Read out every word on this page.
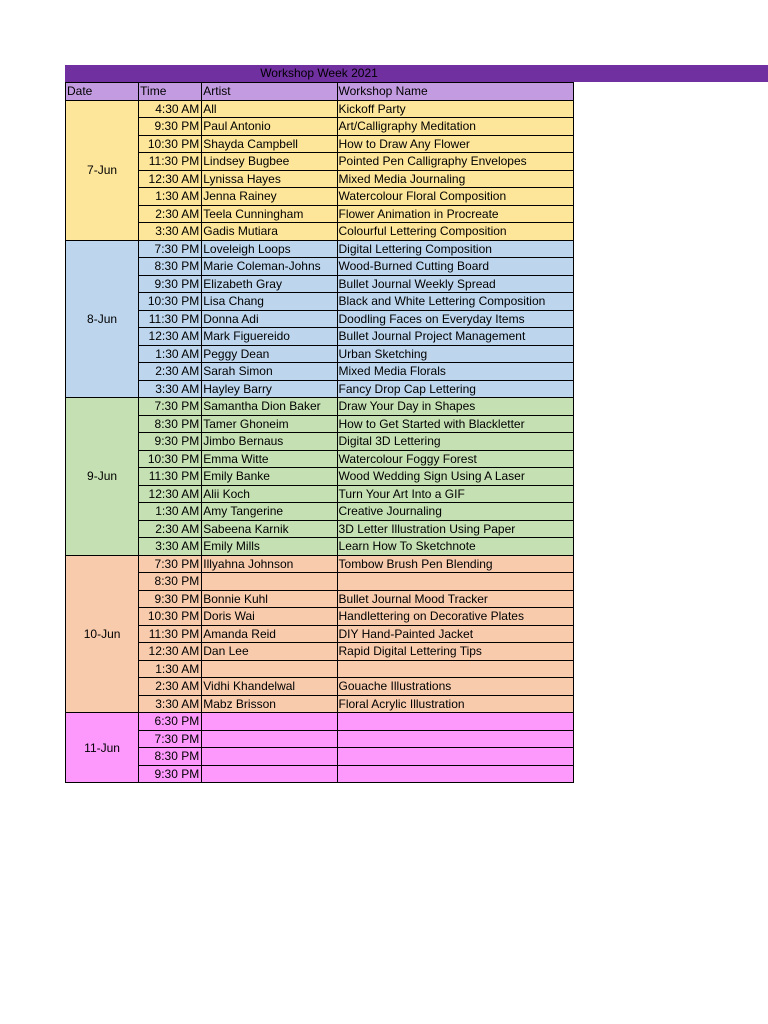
Workshop Week 2021
Date	Time	Artist	Workshop Name
7-Jun	4:30 AM	All	Kickoff Party
	9:30 PM	Paul Antonio	Art/Calligraphy Meditation
	10:30 PM	Shayda Campbell	How to Draw Any Flower
	11:30 PM	Lindsey Bugbee	Pointed Pen Calligraphy Envelopes
	12:30 AM	Lynissa Hayes	Mixed Media Journaling
	1:30 AM	Jenna Rainey	Watercolour Floral Composition
	2:30 AM	Teela Cunningham	Flower Animation in Procreate
	3:30 AM	Gadis Mutiara	Colourful Lettering Composition
8-Jun	7:30 PM	Loveleigh Loops	Digital Lettering Composition
	8:30 PM	Marie Coleman-Johns	Wood-Burned Cutting Board
	9:30 PM	Elizabeth Gray	Bullet Journal Weekly Spread
	10:30 PM	Lisa Chang	Black and White Lettering Composition
	11:30 PM	Donna Adi	Doodling Faces on Everyday Items
	12:30 AM	Mark Figuereido	Bullet Journal Project Management
	1:30 AM	Peggy Dean	Urban Sketching
	2:30 AM	Sarah Simon	Mixed Media Florals
	3:30 AM	Hayley Barry	Fancy Drop Cap Lettering
9-Jun	7:30 PM	Samantha Dion Baker	Draw Your Day in Shapes
	8:30 PM	Tamer Ghoneim	How to Get Started with Blackletter
	9:30 PM	Jimbo Bernaus	Digital 3D Lettering
	10:30 PM	Emma Witte	Watercolour Foggy Forest
	11:30 PM	Emily Banke	Wood Wedding Sign Using A Laser
	12:30 AM	Alii Koch	Turn Your Art Into a GIF
	1:30 AM	Amy Tangerine	Creative Journaling
	2:30 AM	Sabeena Karnik	3D Letter Illustration Using Paper
	3:30 AM	Emily Mills	Learn How To Sketchnote
10-Jun	7:30 PM	Illyahna Johnson	Tombow Brush Pen Blending
	8:30 PM		
	9:30 PM	Bonnie Kuhl	Bullet Journal Mood Tracker
	10:30 PM	Doris Wai	Handlettering on Decorative Plates
	11:30 PM	Amanda Reid	DIY Hand-Painted Jacket
	12:30 AM	Dan Lee	Rapid Digital Lettering Tips
	1:30 AM		
	2:30 AM	Vidhi Khandelwal	Gouache Illustrations
	3:30 AM	Mabz Brisson	Floral Acrylic Illustration
11-Jun	6:30 PM		
	7:30 PM		
	8:30 PM		
	9:30 PM		
